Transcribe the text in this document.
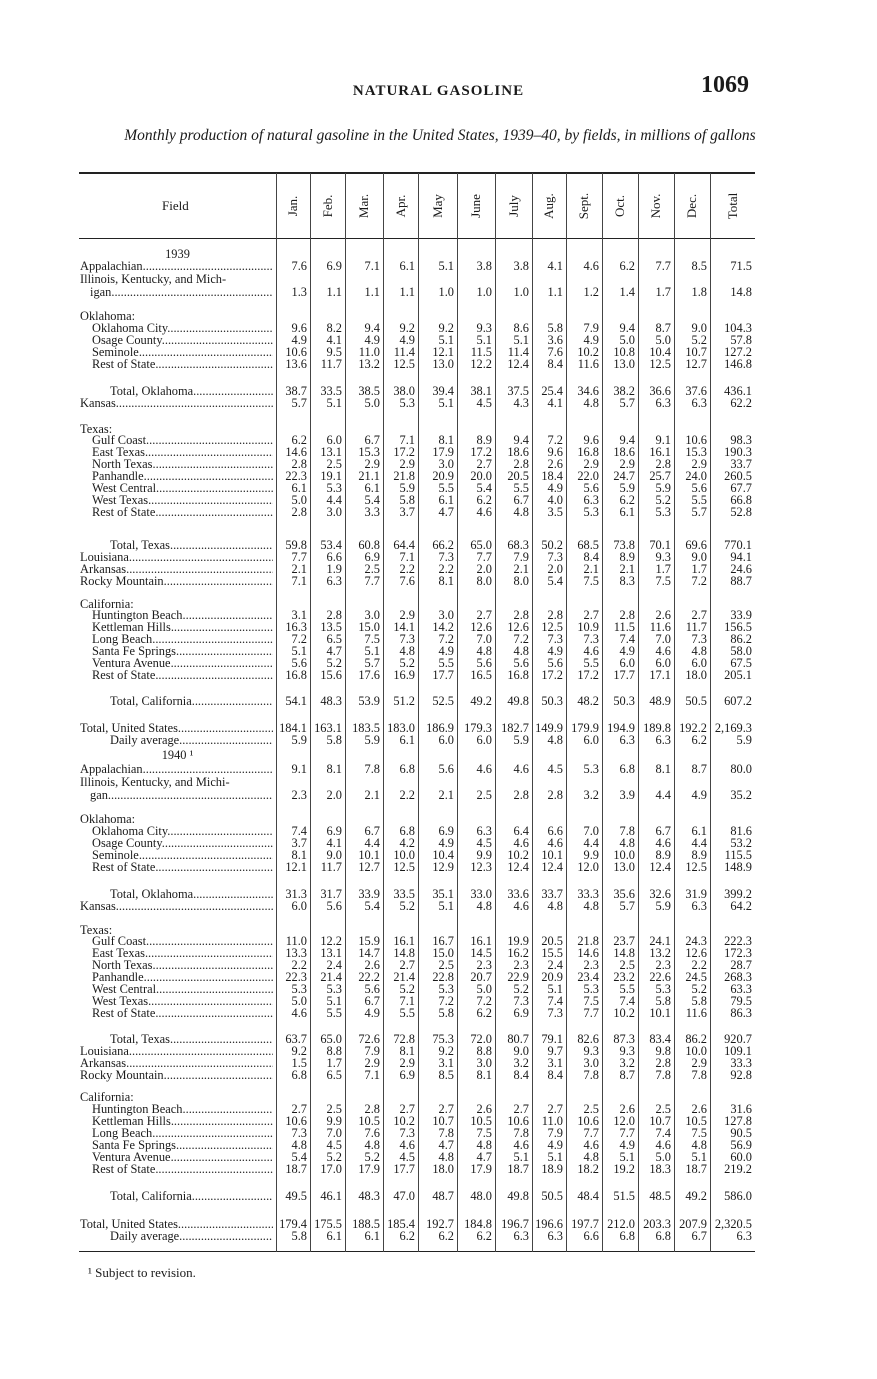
NATURAL GASOLINE	1069
Monthly production of natural gasoline in the United States, 1939–40, by fields, in millions of gallons
Field	Jan. Feb. Mar. Apr. May June July Aug. Sept. Oct. Nov. Dec. Total
1939
Appalachian .....	7.6	6.9	7.1	6.1	5.1	3.8	3.8	4.1	4.6	6.2	7.7	8.5	71.5
Illinois, Kentucky, and Mich-
igan .....	1.3	1.1	1.1	1.1	1.0	1.0	1.0	1.1	1.2	1.4	1.7	1.8	14.8
Oklahoma:
Oklahoma City .....	9.6	8.2	9.4	9.2	9.2	9.3	8.6	5.8	7.9	9.4	8.7	9.0	104.3
Osage County .....	4.9	4.1	4.9	4.9	5.1	5.1	5.1	3.6	4.9	5.0	5.0	5.2	57.8
Seminole .....	10.6	9.5	11.0	11.4	12.1	11.5	11.4	7.6	10.2	10.8	10.4	10.7	127.2
Rest of State .....	13.6	11.7	13.2	12.5	13.0	12.2	12.4	8.4	11.6	13.0	12.5	12.7	146.8
Total, Oklahoma .....	38.7	33.5	38.5	38.0	39.4	38.1	37.5 25.4	34.6	38.2	36.6	37.6	436.1
Kansas .....	5.7	5.1	5.0	5.3	5.1	4.5	4.3	4.1	4.8	5.7	6.3	6.3	62.2
Texas:
Gulf Coast .....	6.2	6.0	6.7	7.1	8.1	8.9	9.4	7.2	9.6	9.4	9.1	10.6	98.3
East Texas .....	14.6	13.1	15.3	17.2	17.9	17.2	18.6	9.6	16.8	18.6	16.1	15.3	190.3
North Texas .....	2.8	2.5	2.9	2.9	3.0	2.7	2.8	2.6	2.9	2.9	2.8	2.9	33.7
Panhandle .....	22.3	19.1	21.1	21.8	20.9	20.0	20.5 18.4	22.0	24.7	25.7	24.0	260.5
West Central .....	6.1	5.3	6.1	5.9	5.5	5.4	5.5	4.9	5.6	5.9	5.9	5.6	67.7
West Texas .....	5.0	4.4	5.4	5.8	6.1	6.2	6.7	4.0	6.3	6.2	5.2	5.5	66.8
Rest of State .....	2.8	3.0	3.3	3.7	4.7	4.6	4.8	3.5	5.3	6.1	5.3	5.7	52.8
Total, Texas .....	59.8	53.4	60.8	64.4	66.2	65.0	68.3 50.2	68.5	73.8	70.1	69.6	770.1
Louisiana .....	7.7	6.6	6.9	7.1	7.3	7.7	7.9	7.3	8.4	8.9	9.3	9.0	94.1
Arkansas .....	2.1	1.9	2.5	2.2	2.2	2.0	2.1	2.0	2.1	2.1	1.7	1.7	24.6
Rocky Mountain .....	7.1	6.3	7.7	7.6	8.1	8.0	8.0	5.4	7.5	8.3	7.5	7.2	88.7
California:
Huntington Beach .....	3.1	2.8	3.0	2.9	3.0	2.7	2.8	2.8	2.7	2.8	2.6	2.7	33.9
Kettleman Hills .....	16.3	13.5	15.0	14.1	14.2	12.6	12.6 12.5	10.9	11.5	11.6	11.7	156.5
Long Beach .....	7.2	6.5	7.5	7.3	7.2	7.0	7.2	7.3	7.3	7.4	7.0	7.3	86.2
Santa Fe Springs .....	5.1	4.7	5.1	4.8	4.9	4.8	4.8	4.9	4.6	4.9	4.6	4.8	58.0
Ventura Avenue .....	5.6	5.2	5.7	5.2	5.5	5.6	5.6	5.6	5.5	6.0	6.0	6.0	67.5
Rest of State .....	16.8	15.6	17.6	16.9	17.7	16.5	16.8 17.2	17.2	17.7	17.1	18.0	205.1
Total, California .....	54.1	48.3	53.9	51.2	52.5	49.2	49.8 50.3	48.2	50.3	48.9	50.5	607.2
Total, United States .....	184.1 163.1 183.5 183.0 186.9 179.3 182.7 149.9 179.9 194.9 189.8 192.2 2,169.3
Daily average .....	5.9	5.8	5.9	6.1	6.0	6.0	5.9	4.8	6.0	6.3	6.3	6.2	5.9
1940 ¹
Appalachian .....	9.1	8.1	7.8	6.8	5.6	4.6	4.6	4.5	5.3	6.8	8.1	8.7	80.0
Illinois, Kentucky, and Michi-
gan .....	2.3	2.0	2.1	2.2	2.1	2.5	2.8	2.8	3.2	3.9	4.4	4.9	35.2
Oklahoma:
Oklahoma City .....	7.4	6.9	6.7	6.8	6.9	6.3	6.4	6.6	7.0	7.8	6.7	6.1	81.6
Osage County .....	3.7	4.1	4.4	4.2	4.9	4.5	4.6	4.6	4.4	4.8	4.6	4.4	53.2
Seminole .....	8.1	9.0	10.1	10.0	10.4	9.9	10.2 10.1	9.9	10.0	8.9	8.9	115.5
Rest of State .....	12.1	11.7	12.7	12.5	12.9	12.3	12.4 12.4	12.0	13.0	12.4	12.5	148.9
Total, Oklahoma .....	31.3	31.7	33.9	33.5	35.1	33.0	33.6 33.7	33.3	35.6	32.6	31.9	399.2
Kansas .....	6.0	5.6	5.4	5.2	5.1	4.8	4.6	4.8	4.8	5.7	5.9	6.3	64.2
Texas:
Gulf Coast .....	11.0	12.2	15.9	16.1	16.7	16.1	19.9 20.5	21.8	23.7	24.1	24.3	222.3
East Texas .....	13.3	13.1	14.7	14.8	15.0	14.5	16.2 15.5	14.6	14.8	13.2	12.6	172.3
North Texas .....	2.2	2.4	2.6	2.7	2.5	2.3	2.3	2.4	2.3	2.5	2.3	2.2	28.7
Panhandle .....	22.3	21.4	22.2	21.4	22.8	20.7	22.9 20.9	23.4	23.2	22.6	24.5	268.3
West Central .....	5.3	5.3	5.6	5.2	5.3	5.0	5.2	5.1	5.3	5.5	5.3	5.2	63.3
West Texas .....	5.0	5.1	6.7	7.1	7.2	7.2	7.3	7.4	7.5	7.4	5.8	5.8	79.5
Rest of State .....	4.6	5.5	4.9	5.5	5.8	6.2	6.9	7.3	7.7	10.2	10.1	11.6	86.3
Total, Texas .....	63.7	65.0	72.6	72.8	75.3	72.0	80.7 79.1	82.6	87.3	83.4	86.2	920.7
Louisiana .....	9.2	8.8	7.9	8.1	9.2	8.8	9.0	9.7	9.3	9.3	9.8	10.0	109.1
Arkansas .....	1.5	1.7	2.9	2.9	3.1	3.0	3.2	3.1	3.0	3.2	2.8	2.9	33.3
Rocky Mountain .....	6.8	6.5	7.1	6.9	8.5	8.1	8.4	8.4	7.8	8.7	7.8	7.8	92.8
California:
Huntington Beach .....	2.7	2.5	2.8	2.7	2.7	2.6	2.7	2.7	2.5	2.6	2.5	2.6	31.6
Kettleman Hills .....	10.6	9.9	10.5	10.2	10.7	10.5	10.6	11.0	10.6	12.0	10.7	10.5	127.8
Long Beach .....	7.3	7.0	7.6	7.3	7.8	7.5	7.8	7.9	7.7	7.7	7.4	7.5	90.5
Santa Fe Springs .....	4.8	4.5	4.8	4.6	4.7	4.8	4.6	4.9	4.6	4.9	4.6	4.8	56.9
Ventura Avenue .....	5.4	5.2	5.2	4.5	4.8	4.7	5.1	5.1	4.8	5.1	5.0	5.1	60.0
Rest of State .....	18.7	17.0	17.9	17.7	18.0	17.9	18.7 18.9	18.2	19.2	18.3	18.7	219.2
Total, California .....	49.5	46.1	48.3	47.0	48.7	48.0	49.8 50.5	48.4	51.5	48.5	49.2	586.0
Total, United States .....	179.4 175.5 188.5 185.4 192.7 184.8 196.7 196.6 197.7 212.0 203.3 207.9 2,320.5
Daily average .....	5.8	6.1	6.1	6.2	6.2	6.2	6.3	6.3	6.6	6.8	6.8	6.7	6.3
¹ Subject to revision.
